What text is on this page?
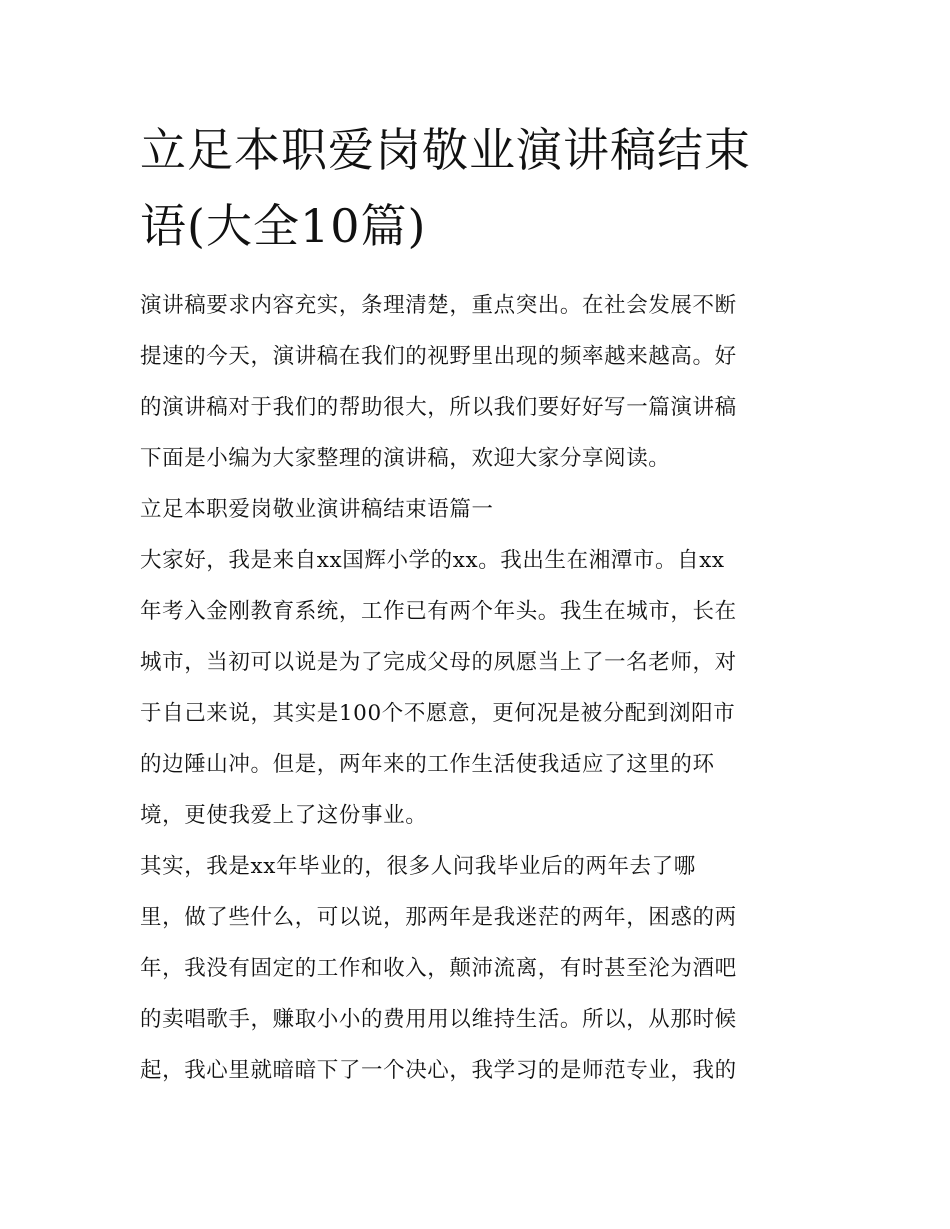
立足本职爱岗敬业演讲稿结束
语(大全10篇)
演讲稿要求内容充实，条理清楚，重点突出。在社会发展不断
提速的今天，演讲稿在我们的视野里出现的频率越来越高。好
的演讲稿对于我们的帮助很大，所以我们要好好写一篇演讲稿
下面是小编为大家整理的演讲稿，欢迎大家分享阅读。
立足本职爱岗敬业演讲稿结束语篇一
大家好，我是来自xx国辉小学的xx。我出生在湘潭市。自xx
年考入金刚教育系统，工作已有两个年头。我生在城市，长在
城市，当初可以说是为了完成父母的夙愿当上了一名老师，对
于自己来说，其实是100个不愿意，更何况是被分配到浏阳市
的边陲山冲。但是，两年来的工作生活使我适应了这里的环
境，更使我爱上了这份事业。
其实，我是xx年毕业的，很多人问我毕业后的两年去了哪
里，做了些什么，可以说，那两年是我迷茫的两年，困惑的两
年，我没有固定的工作和收入，颠沛流离，有时甚至沦为酒吧
的卖唱歌手，赚取小小的费用用以维持生活。所以，从那时候
起，我心里就暗暗下了一个决心，我学习的是师范专业，我的
